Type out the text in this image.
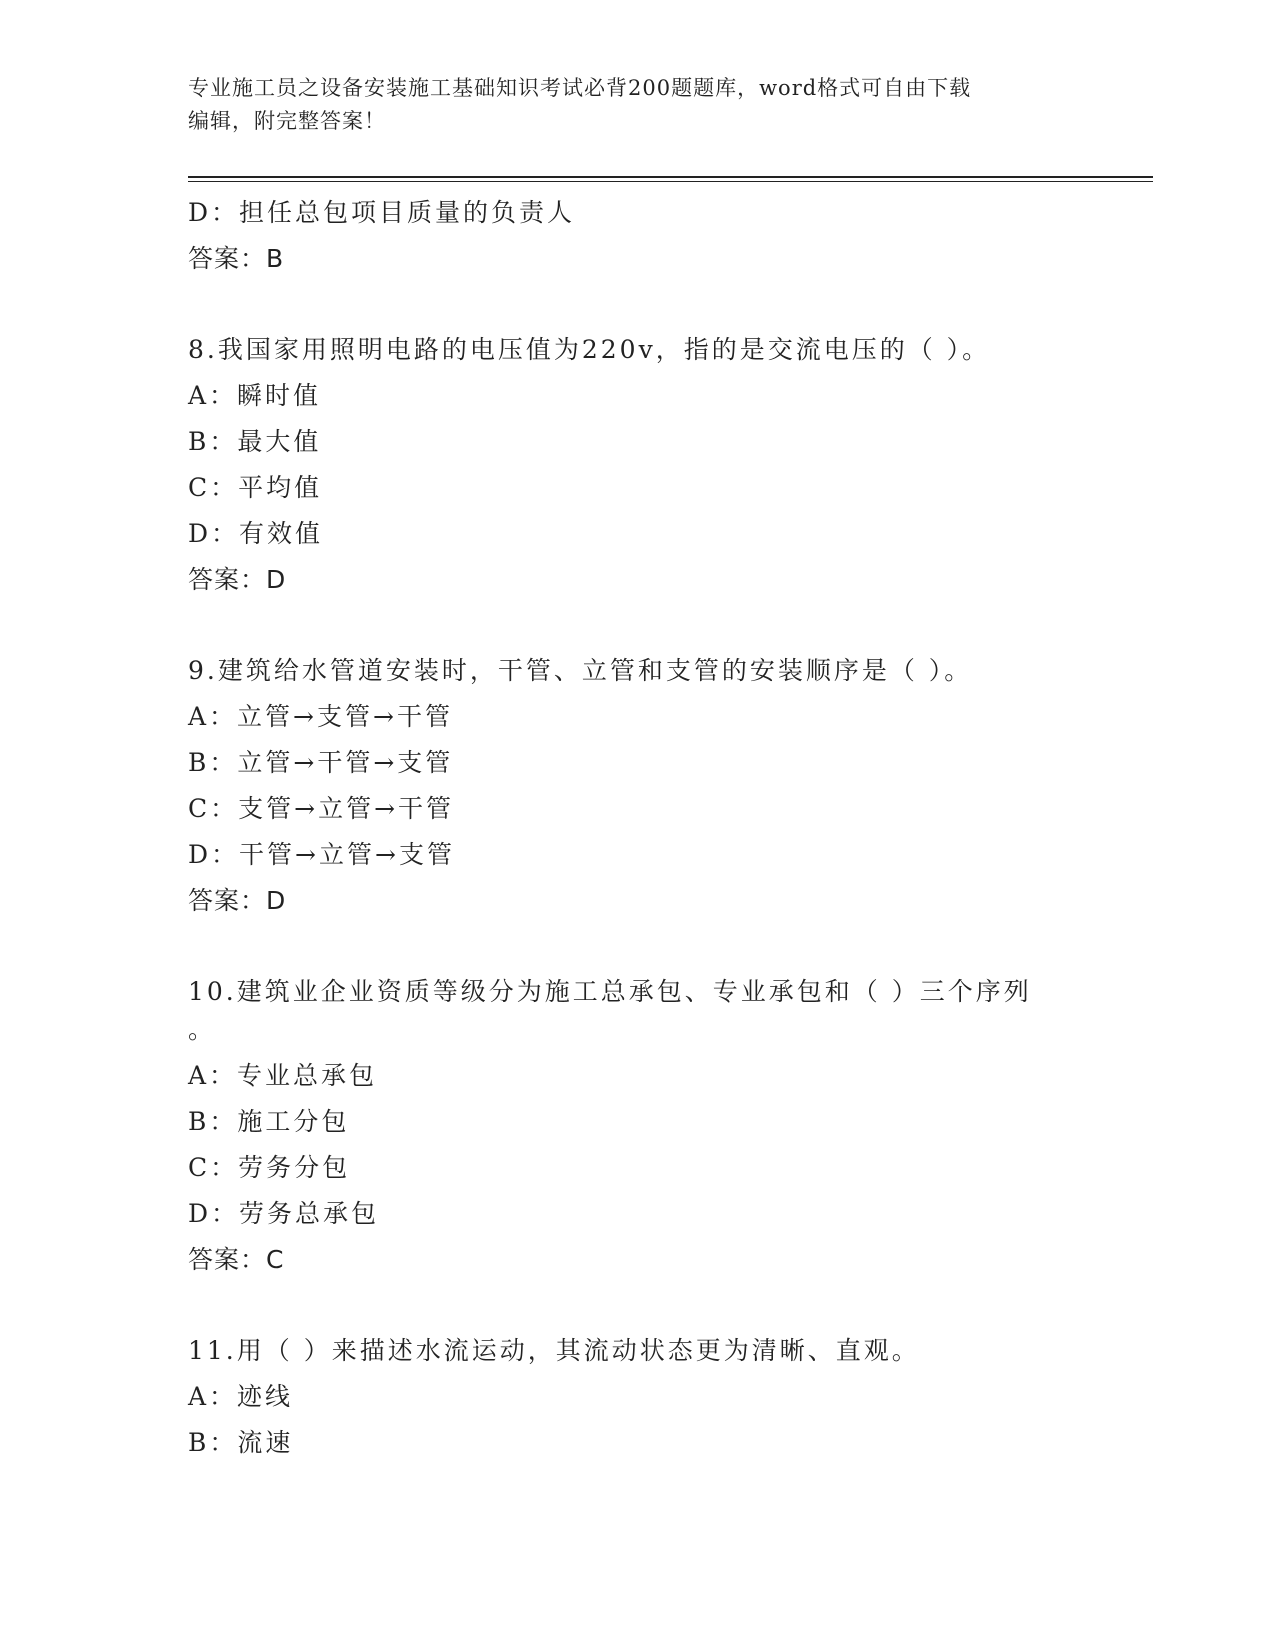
专业施工员之设备安装施工基础知识考试必背200题题库，word格式可自由下载
编辑，附完整答案！
D：担任总包项目质量的负责人
答案：B
8.我国家用照明电路的电压值为220v，指的是交流电压的（ ）。
A：瞬时值
B：最大值
C：平均值
D：有效值
答案：D
9.建筑给水管道安装时，干管、立管和支管的安装顺序是（ ）。
A：立管→支管→干管
B：立管→干管→支管
C：支管→立管→干管
D：干管→立管→支管
答案：D
10.建筑业企业资质等级分为施工总承包、专业承包和（ ）三个序列
。
A：专业总承包
B：施工分包
C：劳务分包
D：劳务总承包
答案：C
11.用（ ）来描述水流运动，其流动状态更为清晰、直观。
A：迹线
B：流速
